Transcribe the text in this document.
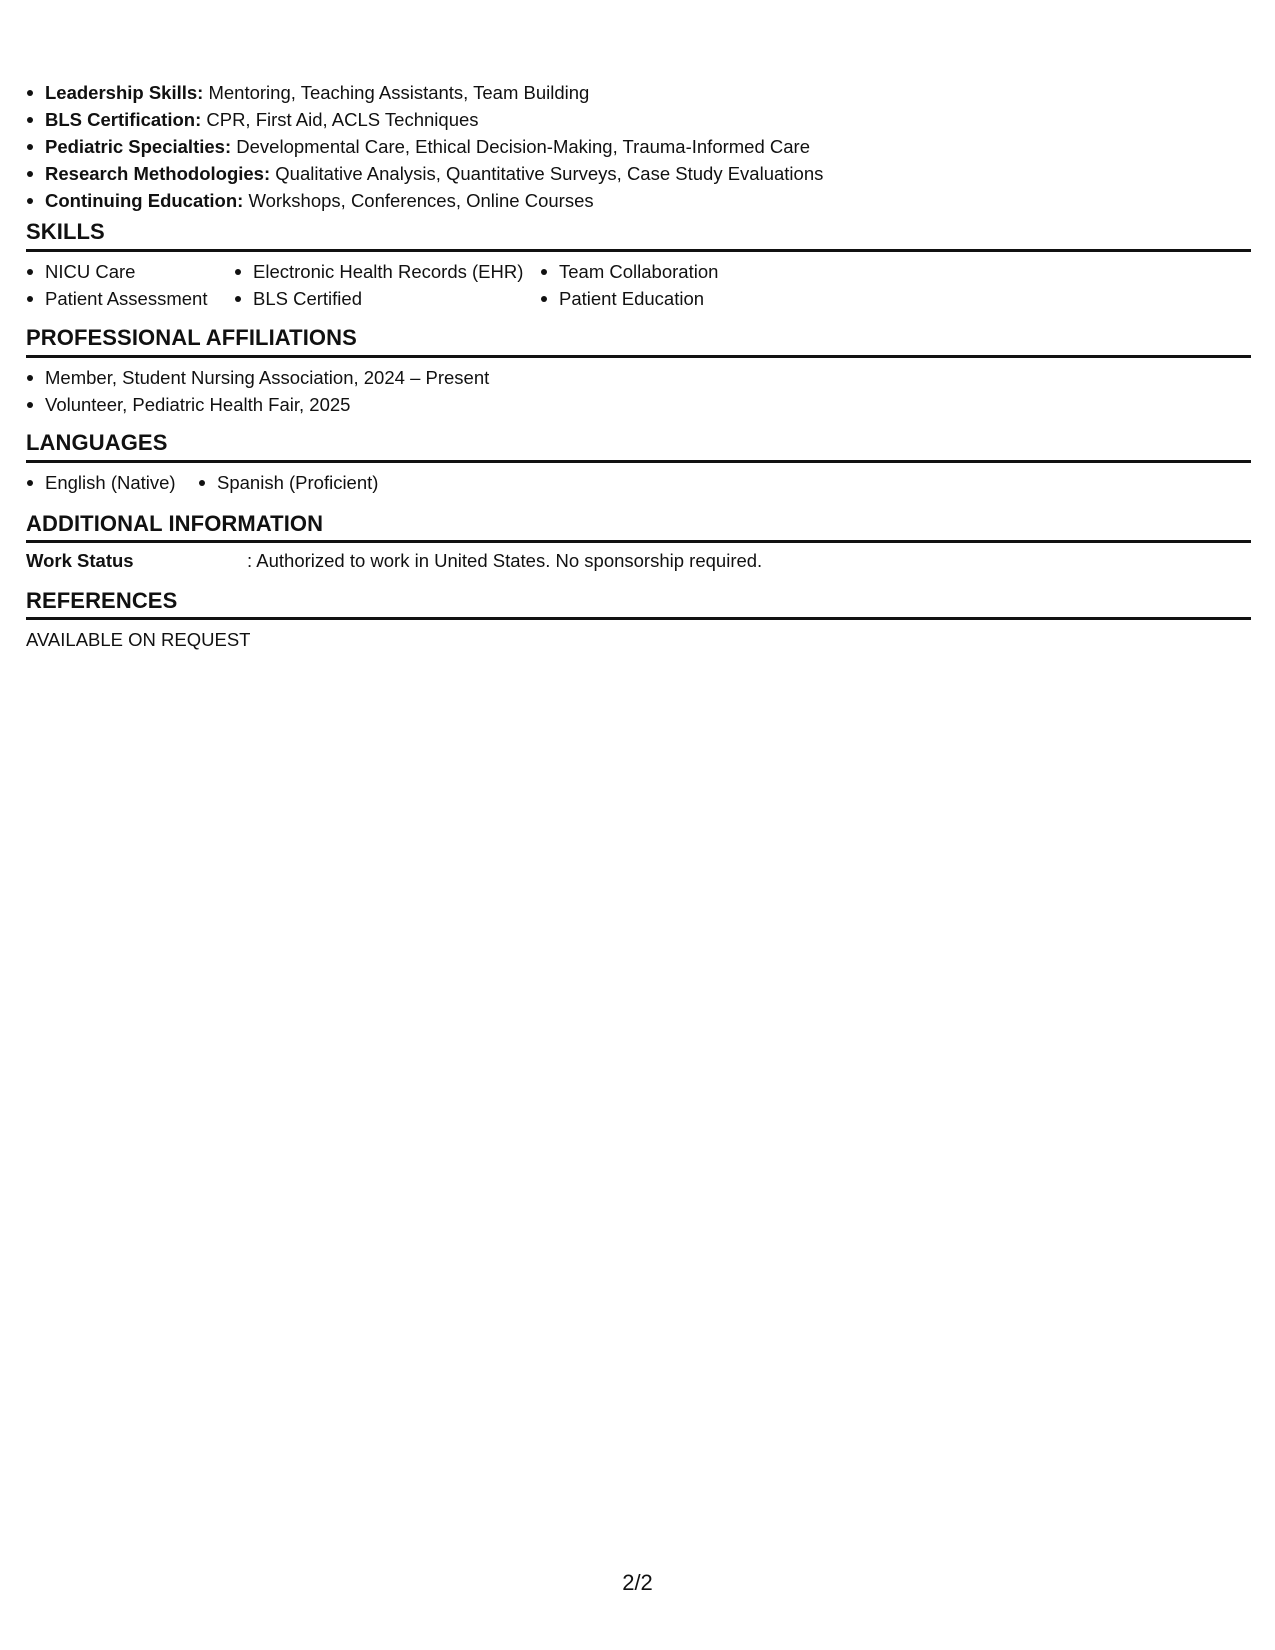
Leadership Skills: Mentoring, Teaching Assistants, Team Building
BLS Certification: CPR, First Aid, ACLS Techniques
Pediatric Specialties: Developmental Care, Ethical Decision-Making, Trauma-Informed Care
Research Methodologies: Qualitative Analysis, Quantitative Surveys, Case Study Evaluations
Continuing Education: Workshops, Conferences, Online Courses
SKILLS
NICU Care
Patient Assessment
Electronic Health Records (EHR)
BLS Certified
Team Collaboration
Patient Education
PROFESSIONAL AFFILIATIONS
Member, Student Nursing Association, 2024 – Present
Volunteer, Pediatric Health Fair, 2025
LANGUAGES
English (Native)	Spanish (Proficient)
ADDITIONAL INFORMATION
Work Status	: Authorized to work in United States. No sponsorship required.
REFERENCES
AVAILABLE ON REQUEST
2/2
